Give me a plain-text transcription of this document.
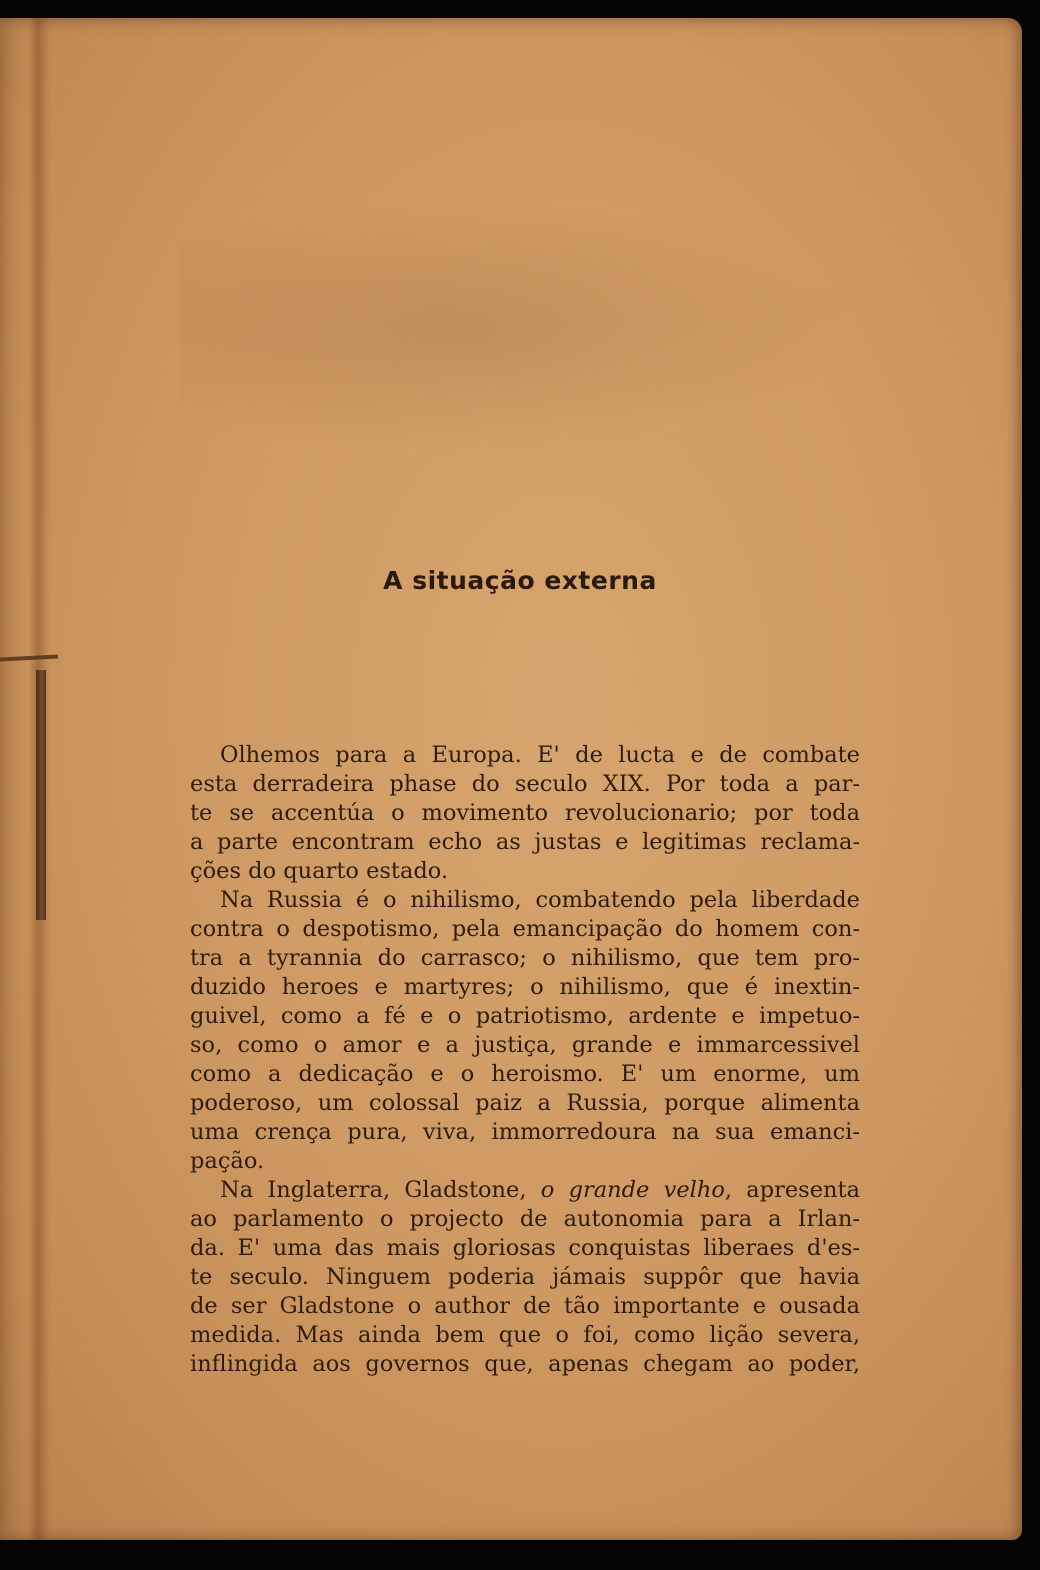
A situação externa
Olhemos para a Europa. E' de lucta e de combate
esta derradeira phase do seculo XIX. Por toda a par-
te se accentúa o movimento revolucionario; por toda
a parte encontram echo as justas e legitimas reclama-
ções do quarto estado.
Na Russia é o nihilismo, combatendo pela liberdade
contra o despotismo, pela emancipação do homem con-
tra a tyrannia do carrasco; o nihilismo, que tem pro-
duzido heroes e martyres; o nihilismo, que é inextin-
guivel, como a fé e o patriotismo, ardente e impetuo-
so, como o amor e a justiça, grande e immarcessivel
como a dedicação e o heroismo. E' um enorme, um
poderoso, um colossal paiz a Russia, porque alimenta
uma crença pura, viva, immorredoura na sua emanci-
pação.
Na Inglaterra, Gladstone, o grande velho, apresenta
ao parlamento o projecto de autonomia para a Irlan-
da. E' uma das mais gloriosas conquistas liberaes d'es-
te seculo. Ninguem poderia jámais suppôr que havia
de ser Gladstone o author de tão importante e ousada
medida. Mas ainda bem que o foi, como lição severa,
inflingida aos governos que, apenas chegam ao poder,
